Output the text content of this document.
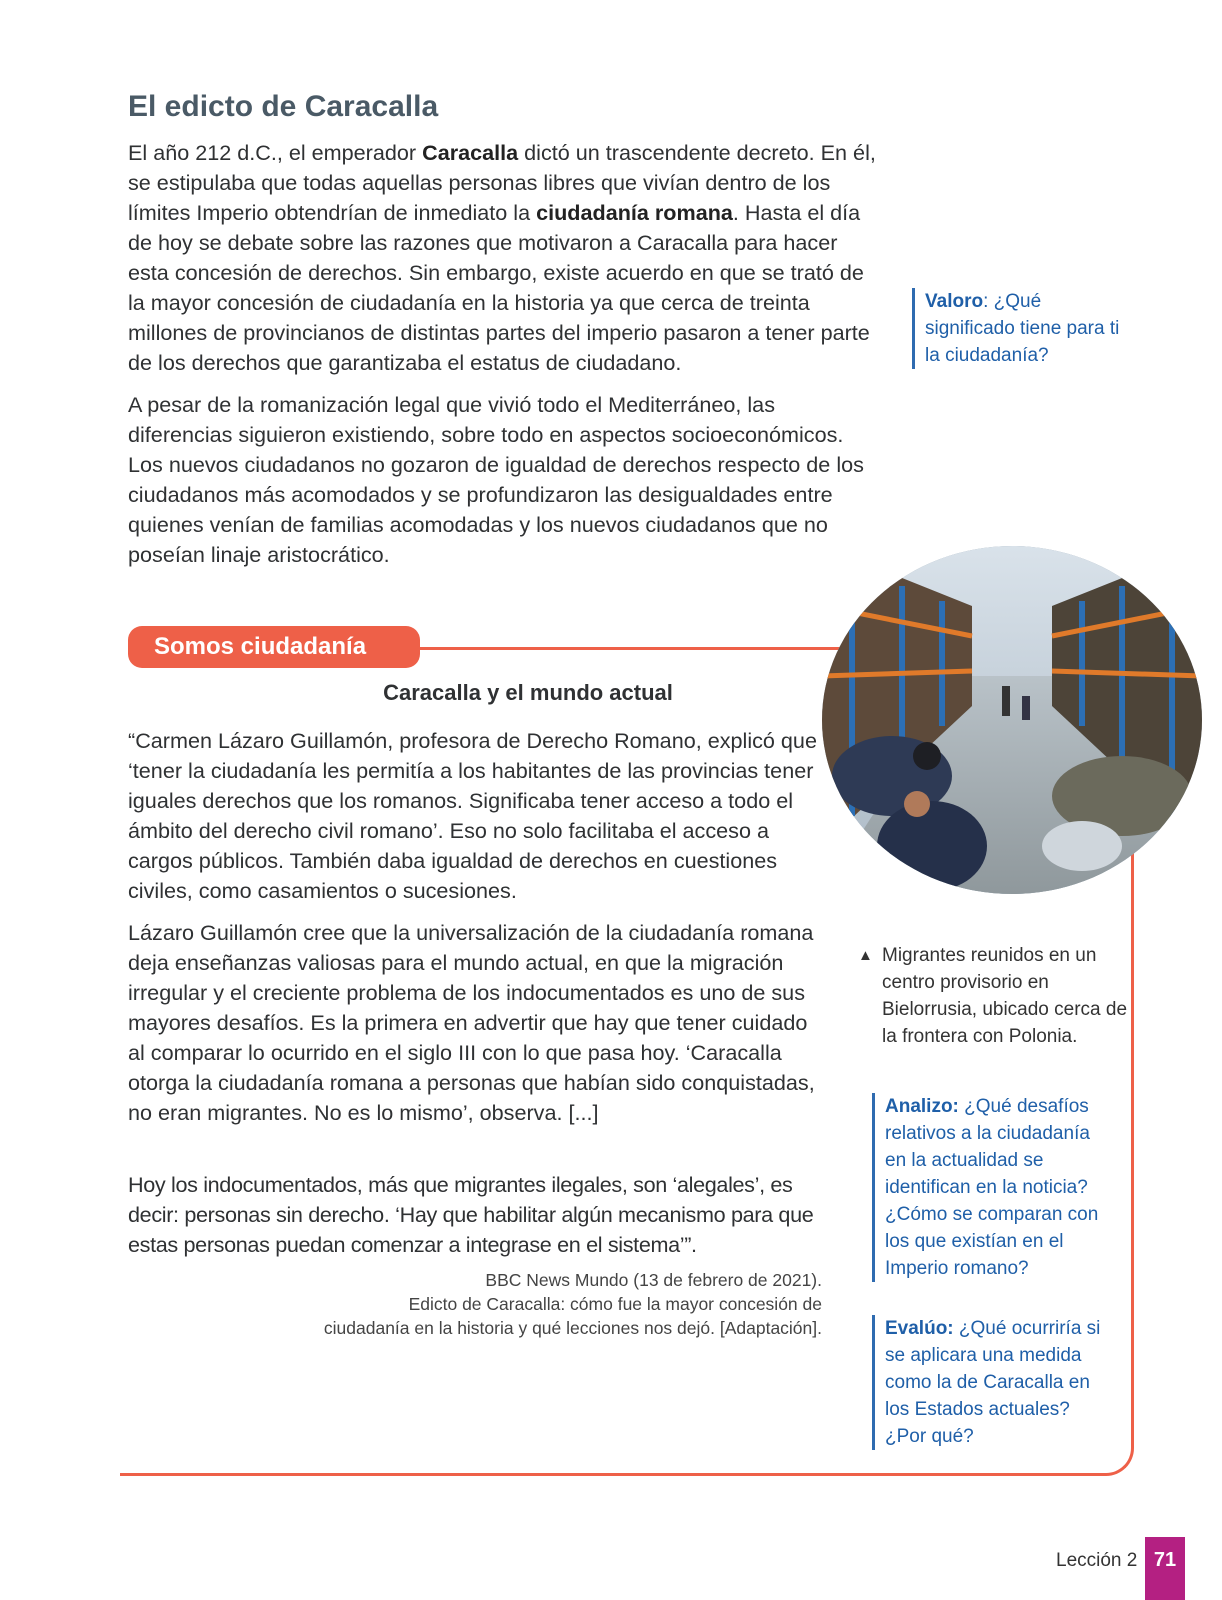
El edicto de Caracalla

El año 212 d.C., el emperador Caracalla dictó un trascendente decreto. En él, se estipulaba que todas aquellas personas libres que vivían dentro de los límites Imperio obtendrían de inmediato la ciudadanía romana. Hasta el día de hoy se debate sobre las razones que motivaron a Caracalla para hacer esta concesión de derechos. Sin embargo, existe acuerdo en que se trató de la mayor concesión de ciudadanía en la historia ya que cerca de treinta millones de provincianos de distintas partes del imperio pasaron a tener parte de los derechos que garantizaba el estatus de ciudadano.

A pesar de la romanización legal que vivió todo el Mediterráneo, las diferencias siguieron existiendo, sobre todo en aspectos socioeconómicos. Los nuevos ciudadanos no gozaron de igualdad de derechos respecto de los ciudadanos más acomodados y se profundizaron las desigualdades entre quienes venían de familias acomodadas y los nuevos ciudadanos que no poseían linaje aristocrático.

Valoro: ¿Qué significado tiene para ti la ciudadanía?
Somos ciudadanía
Caracalla y el mundo actual

“Carmen Lázaro Guillamón, profesora de Derecho Romano, explicó que ‘tener la ciudadanía les permitía a los habitantes de las provincias tener iguales derechos que los romanos. Significaba tener acceso a todo el ámbito del derecho civil romano’. Eso no solo facilitaba el acceso a cargos públicos. También daba igualdad de derechos en cuestiones civiles, como casamientos o sucesiones.

Lázaro Guillamón cree que la universalización de la ciudadanía romana deja enseñanzas valiosas para el mundo actual, en que la migración irregular y el creciente problema de los indocumentados es uno de sus mayores desafíos. Es la primera en advertir que hay que tener cuidado al comparar lo ocurrido en el siglo III con lo que pasa hoy. ‘Caracalla otorga la ciudadanía romana a personas que habían sido conquistadas, no eran migrantes. No es lo mismo’, observa. [...]

Hoy los indocumentados, más que migrantes ilegales, son ‘alegales’, es decir: personas sin derecho. ‘Hay que habilitar algún mecanismo para que estas personas puedan comenzar a integrase en el sistema’”.

BBC News Mundo (13 de febrero de 2021).
Edicto de Caracalla: cómo fue la mayor concesión de
ciudadanía en la historia y qué lecciones nos dejó. [Adaptación].
▲ Migrantes reunidos en un centro provisorio en Bielorrusia, ubicado cerca de la frontera con Polonia.
Analizo: ¿Qué desafíos relativos a la ciudadanía en la actualidad se identifican en la noticia? ¿Cómo se comparan con los que existían en el Imperio romano?
Evalúo: ¿Qué ocurriría si se aplicara una medida como la de Caracalla en los Estados actuales? ¿Por qué?
Lección 2 71
